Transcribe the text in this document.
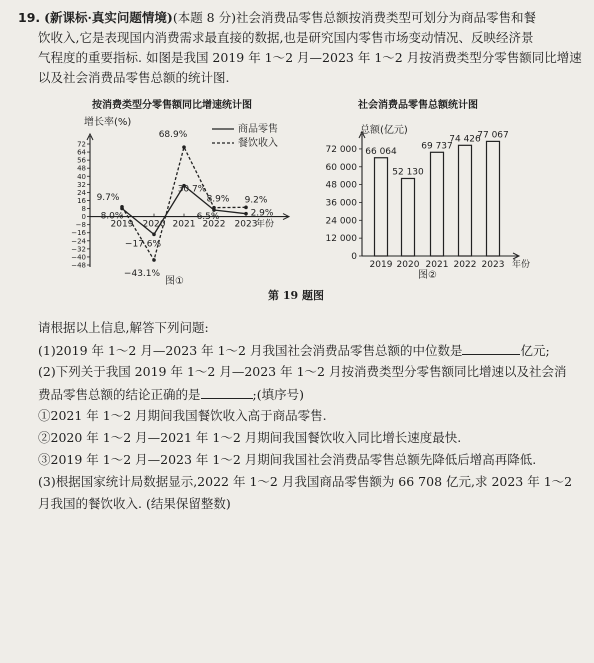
19. (新课标·真实问题情境)(本题 8 分)社会消费品零售总额按消费类型可划分为商品零售和餐
饮收入,它是表现国内消费需求最直接的数据,也是研究国内零售市场变动情况、反映经济景
气程度的重要指标. 如图是我国 2019 年 1～2 月—2023 年 1～2 月按消费类型分零售额同比增速
以及社会消费品零售总额的统计图.
按消费类型分零售额同比增速统计图
增长率(%)
72
64
56
48
40
32
24
16
8
0
−8
−16
−24
−32
−40
−48
2019 2020 2021 2022 2023
年份
8.0%
−17.6%
30.7%
6.5%	2.9%
9.7%
−43.1%
68.9%
8.9% 9.2%
商品零售
餐饮收入
图①
社会消费品零售总额统计图
总额(亿元)
0
12 000
24 000
36 000
48 000
60 000
72 000
2019 2020 2021 2022 2023 年份
66 064
52 130
69 737
74 426
77 067
图②
第 19 题图
请根据以上信息,解答下列问题:
(1)2019 年 1～2 月—2023 年 1～2 月我国社会消费品零售总额的中位数是	亿元;
(2)下列关于我国 2019 年 1～2 月—2023 年 1～2 月按消费类型分零售额同比增速以及社会消
费品零售总额的结论正确的是	;(填序号)
①2021 年 1～2 月期间我国餐饮收入高于商品零售.
②2020 年 1～2 月—2021 年 1～2 月期间我国餐饮收入同比增长速度最快.
③2019 年 1～2 月—2023 年 1～2 月期间我国社会消费品零售总额先降低后增高再降低.
(3)根据国家统计局数据显示,2022 年 1～2 月我国商品零售额为 66 708 亿元,求 2023 年 1～2
月我国的餐饮收入. (结果保留整数)
